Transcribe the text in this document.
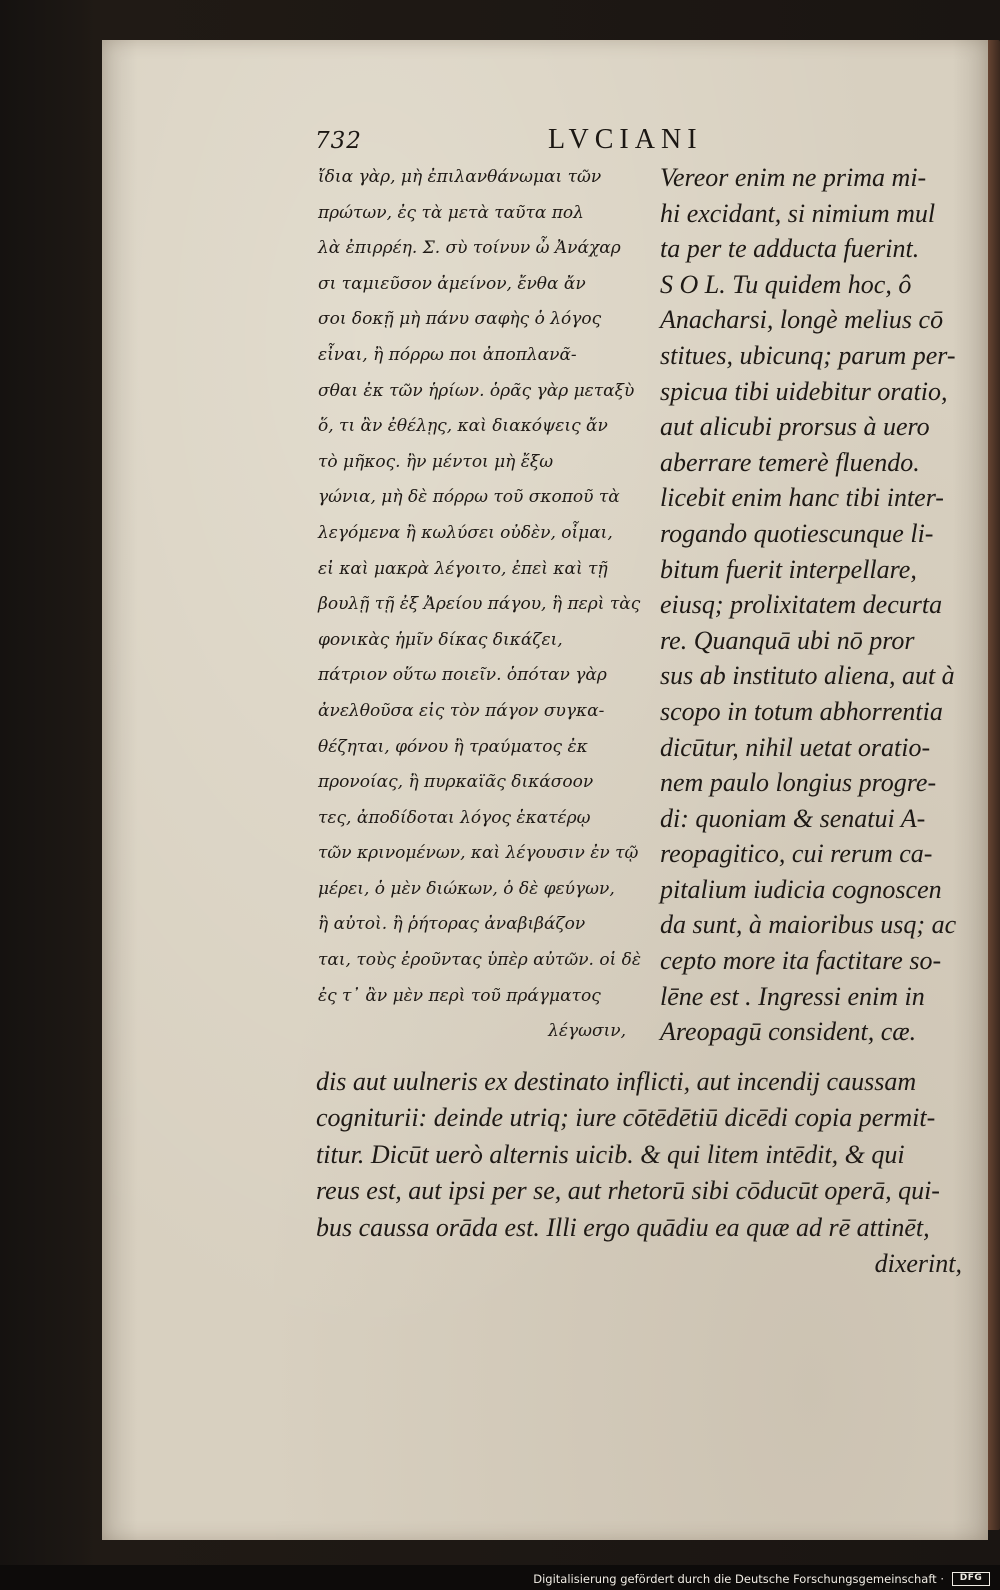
732	LVCIANI
ἴδια γὰρ, μὴ ἐπιλανθάνωμαι τῶν
πρώτων, ἐς τὰ μετὰ ταῦτα πολ
λὰ ἐπιρρέη. Σ. σὺ τοίνυν ὦ Ἀνάχαρ
σι ταμιεῦσον ἀμείνον, ἔνθα ἄν
σοι δοκῇ μὴ πάνυ σαφὴς ὁ λόγος
εἶναι, ἢ πόρρω ποι ἀποπλανᾶ-
σθαι ἐκ τῶν ἡρίων. ὁρᾶς γὰρ μεταξὺ
ὅ, τι ἂν ἐθέλῃς, καὶ διακόψεις ἄν
τὸ μῆκος. ἢν μέντοι μὴ ἔξω
γώνια, μὴ δὲ πόρρω τοῦ σκοποῦ τὰ
λεγόμενα ἢ κωλύσει οὐδὲν, οἶμαι,
εἰ καὶ μακρὰ λέγοιτο, ἐπεὶ καὶ τῇ
βουλῇ τῇ ἐξ Ἀρείου πάγου, ἣ περὶ τὰς
φονικὰς ἡμῖν δίκας δικάζει,
πάτριον οὕτω ποιεῖν. ὁπόταν γὰρ
ἀνελθοῦσα εἰς τὸν πάγον συγκα-
θέζηται, φόνου ἢ τραύματος ἐκ
προνοίας, ἢ πυρκαϊᾶς δικάσοον
τες, ἀποδίδοται λόγος ἑκατέρῳ
τῶν κρινομένων, καὶ λέγουσιν ἐν τῷ
μέρει, ὁ μὲν διώκων, ὁ δὲ φεύγων,
ἢ αὐτοὶ. ἢ ῥήτορας ἀναβιβάζον
ται, τοὺς ἐροῦντας ὑπὲρ αὐτῶν. οἱ δὲ
ἐς τ᾽ ἂν μὲν περὶ τοῦ πράγματος
λέγωσιν,
Vereor enim ne prima mi-
hi excidant, si nimium mul
ta per te adducta fuerint.
S O L. Tu quidem hoc, ô
Anacharsi, longè melius cō
stitues, ubicunq; parum per-
spicua tibi uidebitur oratio,
aut alicubi prorsus à uero
aberrare temerè fluendo.
licebit enim hanc tibi inter-
rogando quotiescunque li-
bitum fuerit interpellare,
eiusq; prolixitatem decurta
re. Quanquā ubi nō pror
sus ab instituto aliena, aut à
scopo in totum abhorrentia
dicūtur, nihil uetat oratio-
nem paulo longius progre-
di: quoniam & senatui A-
reopagitico, cui rerum ca-
pitalium iudicia cognoscen
da sunt, à maioribus usq; ac
cepto more ita factitare so-
lēne est . Ingressi enim in
Areopagū consident, cæ.
dis aut uulneris ex destinato inflicti, aut incendij caussam
cogniturii: deinde utriq; iure cōtēdētiū dicēdi copia permit-
titur. Dicūt uerò alternis uicib. & qui litem intēdit, & qui
reus est, aut ipsi per se, aut rhetorū sibi cōducūt operā, qui-
bus caussa orāda est. Illi ergo quādiu ea quæ ad rē attinēt,
dixerint,
Digitalisierung gefördert durch die Deutsche Forschungsgemeinschaft ·	DFG
